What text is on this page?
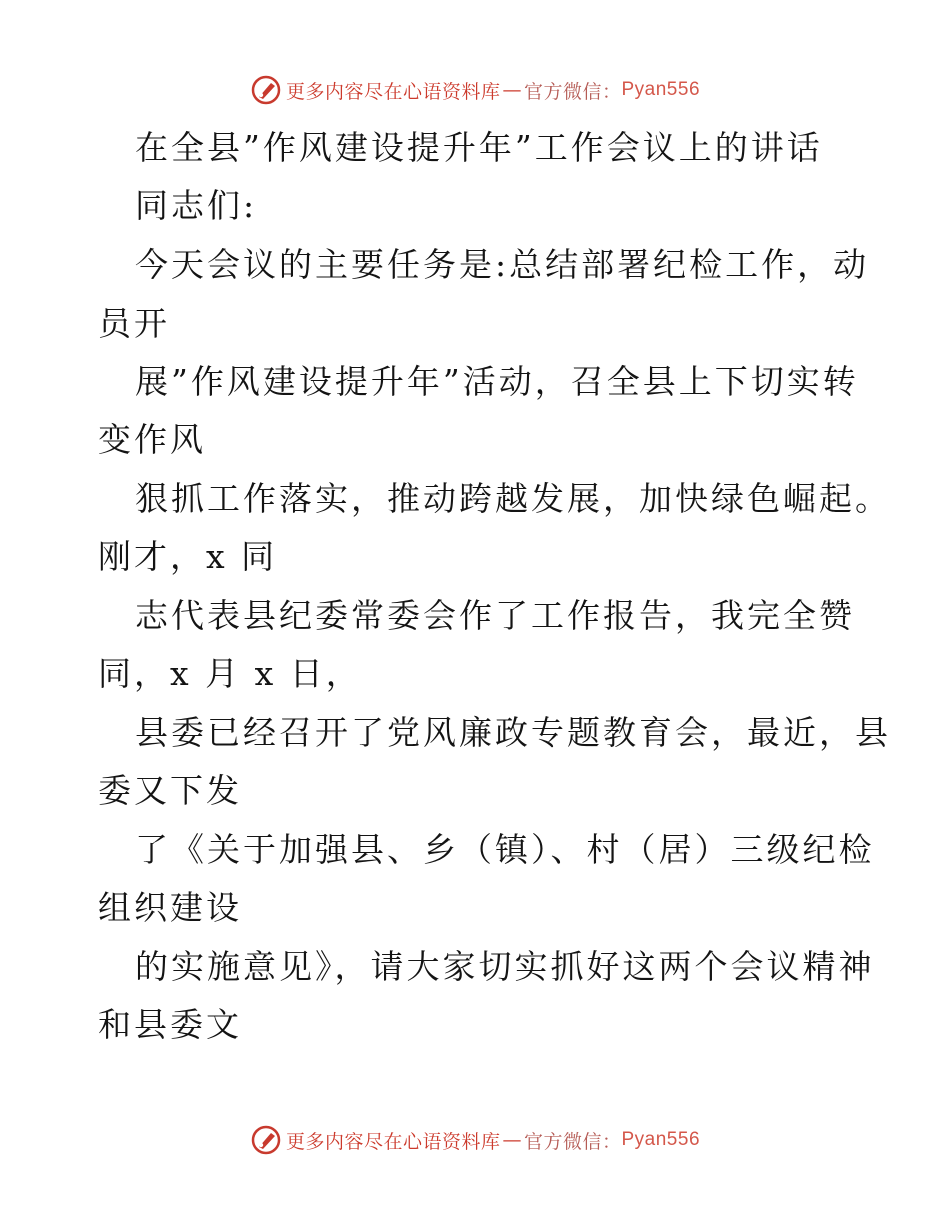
更多内容尽在心语资料库 — 官方微信： Pyan556
在全县”作风建设提升年”工作会议上的讲话
同志们:
今天会议的主要任务是:总结部署纪检工作，动
员开
展”作风建设提升年”活动，召全县上下切实转
变作风
狠抓工作落实，推动跨越发展，加快绿色崛起。
刚才，x 同
志代表县纪委常委会作了工作报告，我完全赞
同，x 月 x 日，
县委已经召开了党风廉政专题教育会，最近，县
委又下发
了《关于加强县、乡（镇）、村（居）三级纪检
组织建设
的实施意见》，请大家切实抓好这两个会议精神
和县委文
更多内容尽在心语资料库 — 官方微信： Pyan556
